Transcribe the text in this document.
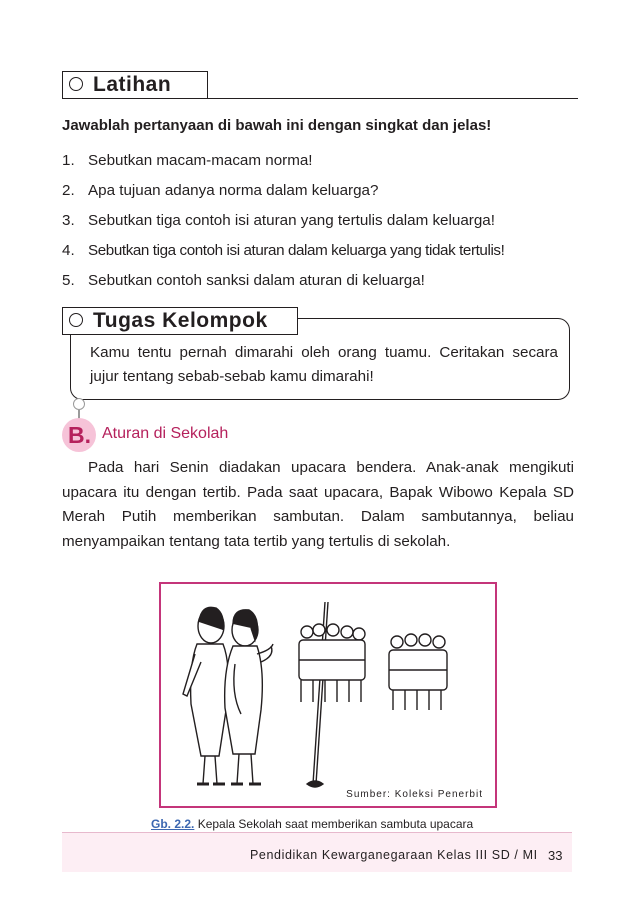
Latihan
Jawablah pertanyaan di bawah ini dengan singkat dan jelas!
1. Sebutkan macam-macam norma!
2. Apa tujuan adanya norma dalam keluarga?
3. Sebutkan tiga contoh isi aturan yang tertulis dalam keluarga!
4. Sebutkan tiga contoh isi aturan dalam keluarga yang tidak tertulis!
5. Sebutkan contoh sanksi dalam aturan di keluarga!
Tugas Kelompok
Kamu tentu pernah dimarahi oleh orang tuamu. Ceritakan secara jujur tentang sebab-sebab kamu dimarahi!
B. Aturan di Sekolah

Pada hari Senin diadakan upacara bendera. Anak-anak mengikuti upacara itu dengan tertib. Pada saat upacara, Bapak Wibowo Kepala SD Merah Putih memberikan sambutan. Dalam sambutannya, beliau menyampaikan tentang tata tertib yang tertulis di sekolah.

Sumber: Koleksi Penerbit
Gb. 2.2. Kepala Sekolah saat memberikan sambuta upacara
Pendidikan Kewarganegaraan Kelas III SD / MI 33
